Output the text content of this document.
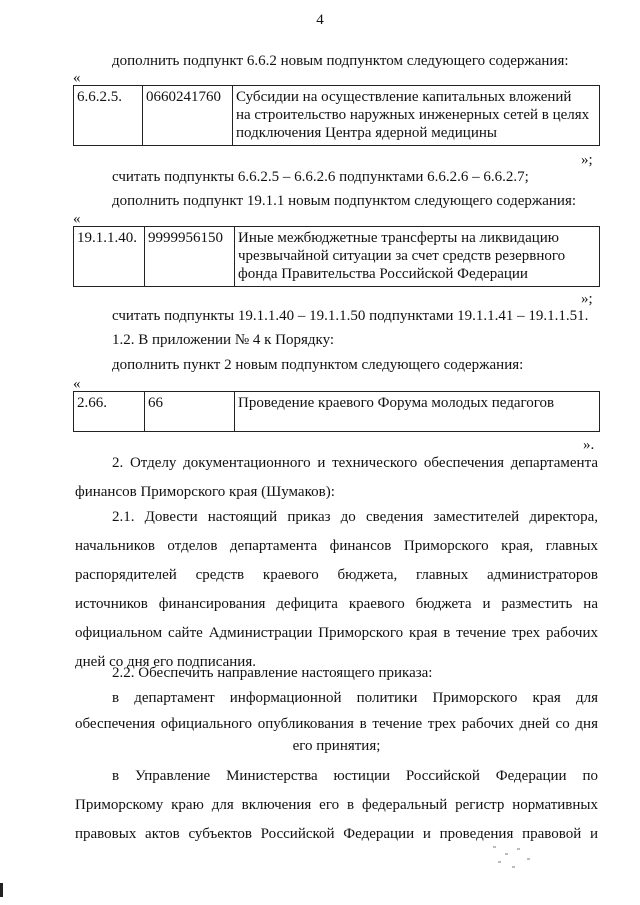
4
дополнить подпункт 6.6.2 новым подпунктом следующего содержания:
«
6.6.2.5.	0660241760	Субсидии на осуществление капитальных вложений
на строительство наружных инженерных сетей в целях
подключения Центра ядерной медицины
»;
считать подпункты 6.6.2.5 – 6.6.2.6 подпунктами 6.6.2.6 – 6.6.2.7;
дополнить подпункт 19.1.1 новым подпунктом следующего содержания:
«
19.1.1.40.	9999956150	Иные межбюджетные трансферты на ликвидацию
чрезвычайной ситуации за счет средств резервного
фонда Правительства Российской Федерации
»;
считать подпункты 19.1.1.40 – 19.1.1.50 подпунктами 19.1.1.41 – 19.1.1.51.
1.2. В приложении № 4 к Порядку:
дополнить пункт 2 новым подпунктом следующего содержания:
«
2.66.	66	Проведение краевого Форума молодых педагогов
».
2. Отделу документационного и технического обеспечения департамента
финансов Приморского края (Шумаков):
2.1. Довести настоящий приказ до сведения заместителей директора,
начальников отделов департамента финансов Приморского края, главных
распорядителей средств краевого бюджета, главных администраторов
источников финансирования дефицита краевого бюджета и разместить на
официальном сайте Администрации Приморского края в течение трех рабочих
дней со дня его подписания.
2.2. Обеспечить направление настоящего приказа:
в департамент информационной политики Приморского края для
обеспечения официального опубликования в течение трех рабочих дней со дня
его принятия;
в Управление Министерства юстиции Российской Федерации по
Приморскому краю для включения его в федеральный регистр нормативных
правовых актов субъектов Российской Федерации и проведения правовой и
